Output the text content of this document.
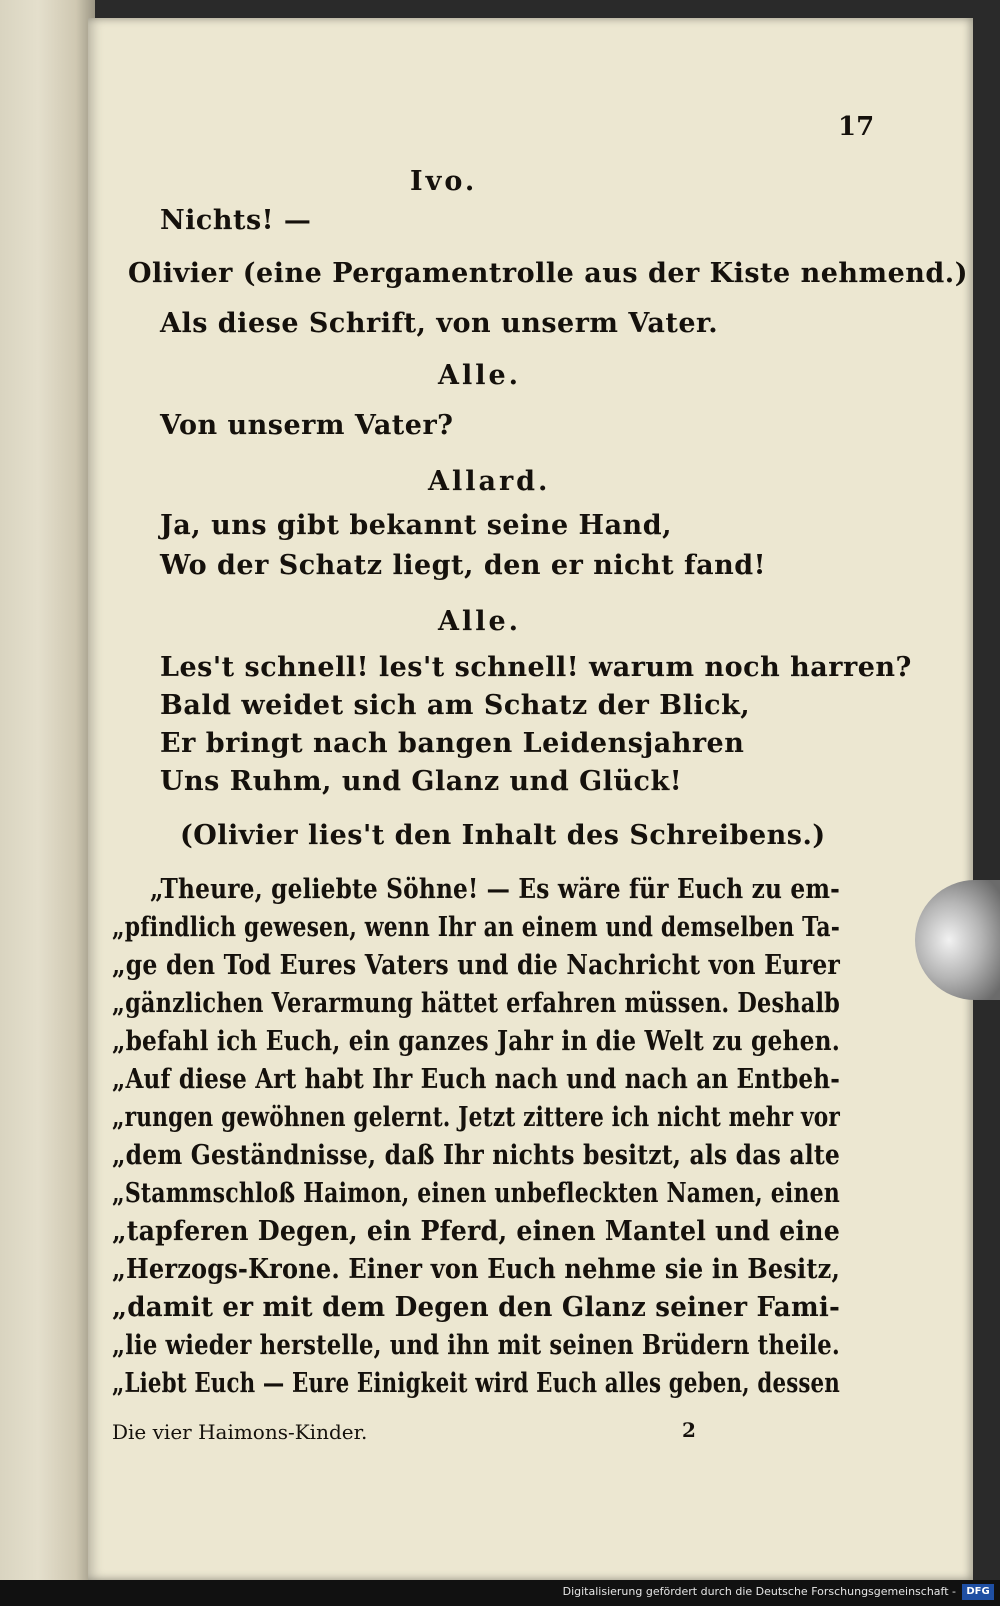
17
Ivo.
Nichts! —
Olivier (eine Pergamentrolle aus der Kiste nehmend.)
Als diese Schrift, von unserm Vater.
Alle.
Von unserm Vater?
Allard.
Ja, uns gibt bekannt seine Hand,
Wo der Schatz liegt, den er nicht fand!
Alle.
Les't schnell! les't schnell! warum noch harren?
Bald weidet sich am Schatz der Blick,
Er bringt nach bangen Leidensjahren
Uns Ruhm, und Glanz und Glück!
(Olivier lies't den Inhalt des Schreibens.)
„Theure, geliebte Söhne! — Es wäre für Euch zu em-
„pfindlich gewesen, wenn Ihr an einem und demselben Ta-
„ge den Tod Eures Vaters und die Nachricht von Eurer
„gänzlichen Verarmung hättet erfahren müssen. Deshalb
„befahl ich Euch, ein ganzes Jahr in die Welt zu gehen.
„Auf diese Art habt Ihr Euch nach und nach an Entbeh-
„rungen gewöhnen gelernt. Jetzt zittere ich nicht mehr vor
„dem Geständnisse, daß Ihr nichts besitzt, als das alte
„Stammschloß Haimon, einen unbefleckten Namen, einen
„tapferen Degen, ein Pferd, einen Mantel und eine
„Herzogs-Krone. Einer von Euch nehme sie in Besitz,
„damit er mit dem Degen den Glanz seiner Fami-
„lie wieder herstelle, und ihn mit seinen Brüdern theile.
„Liebt Euch — Eure Einigkeit wird Euch alles geben, dessen
Die vier Haimons-Kinder.	2
Digitalisierung gefördert durch die Deutsche Forschungsgemeinschaft -	DFG
